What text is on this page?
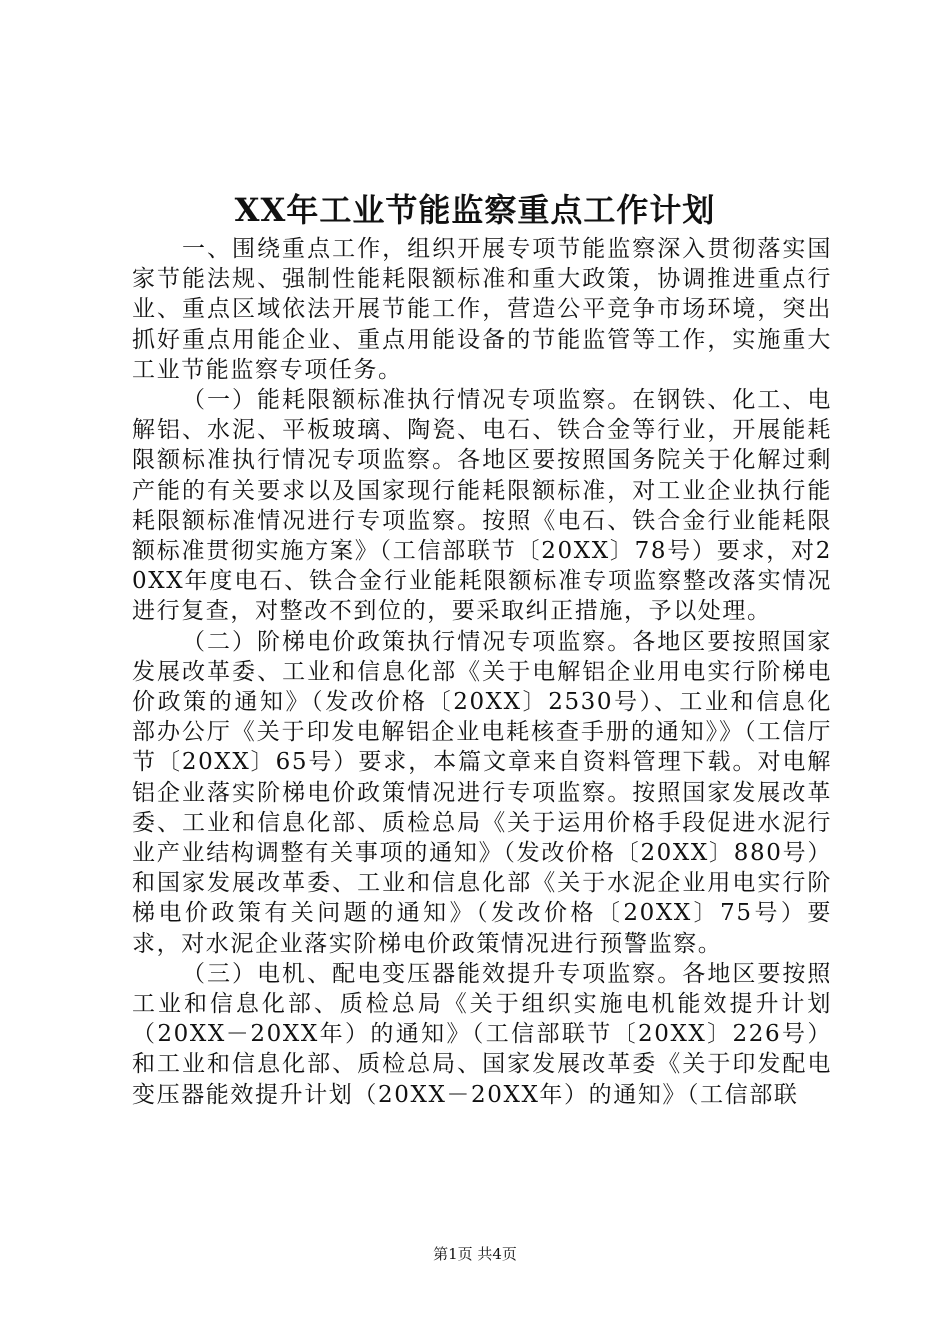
XX年工业节能监察重点工作计划

一、围绕重点工作，组织开展专项节能监察深入贯彻落实国家节能法规、强制性能耗限额标准和重大政策，协调推进重点行业、重点区域依法开展节能工作，营造公平竞争市场环境，突出抓好重点用能企业、重点用能设备的节能监管等工作，实施重大工业节能监察专项任务。

（一）能耗限额标准执行情况专项监察。在钢铁、化工、电解铝、水泥、平板玻璃、陶瓷、电石、铁合金等行业，开展能耗限额标准执行情况专项监察。各地区要按照国务院关于化解过剩产能的有关要求以及国家现行能耗限额标准，对工业企业执行能耗限额标准情况进行专项监察。按照《电石、铁合金行业能耗限额标准贯彻实施方案》（工信部联节〔20XX〕78号）要求，对20XX年度电石、铁合金行业能耗限额标准专项监察整改落实情况进行复查，对整改不到位的，要采取纠正措施，予以处理。

（二）阶梯电价政策执行情况专项监察。各地区要按照国家发展改革委、工业和信息化部《关于电解铝企业用电实行阶梯电价政策的通知》（发改价格〔20XX〕2530号）、工业和信息化部办公厅《关于印发电解铝企业电耗核查手册的通知》》（工信厅节〔20XX〕65号）要求，本篇文章来自资料管理下载。对电解铝企业落实阶梯电价政策情况进行专项监察。按照国家发展改革委、工业和信息化部、质检总局《关于运用价格手段促进水泥行业产业结构调整有关事项的通知》（发改价格〔20XX〕880号）和国家发展改革委、工业和信息化部《关于水泥企业用电实行阶梯电价政策有关问题的通知》（发改价格〔20XX〕75号）要求，对水泥企业落实阶梯电价政策情况进行预警监察。

（三）电机、配电变压器能效提升专项监察。各地区要按照工业和信息化部、质检总局《关于组织实施电机能效提升计划（20XX－20XX年）的通知》（工信部联节〔20XX〕226号）和工业和信息化部、质检总局、国家发展改革委《关于印发配电变压器能效提升计划（20XX－20XX年）的通知》（工信部联

第1页 共4页
